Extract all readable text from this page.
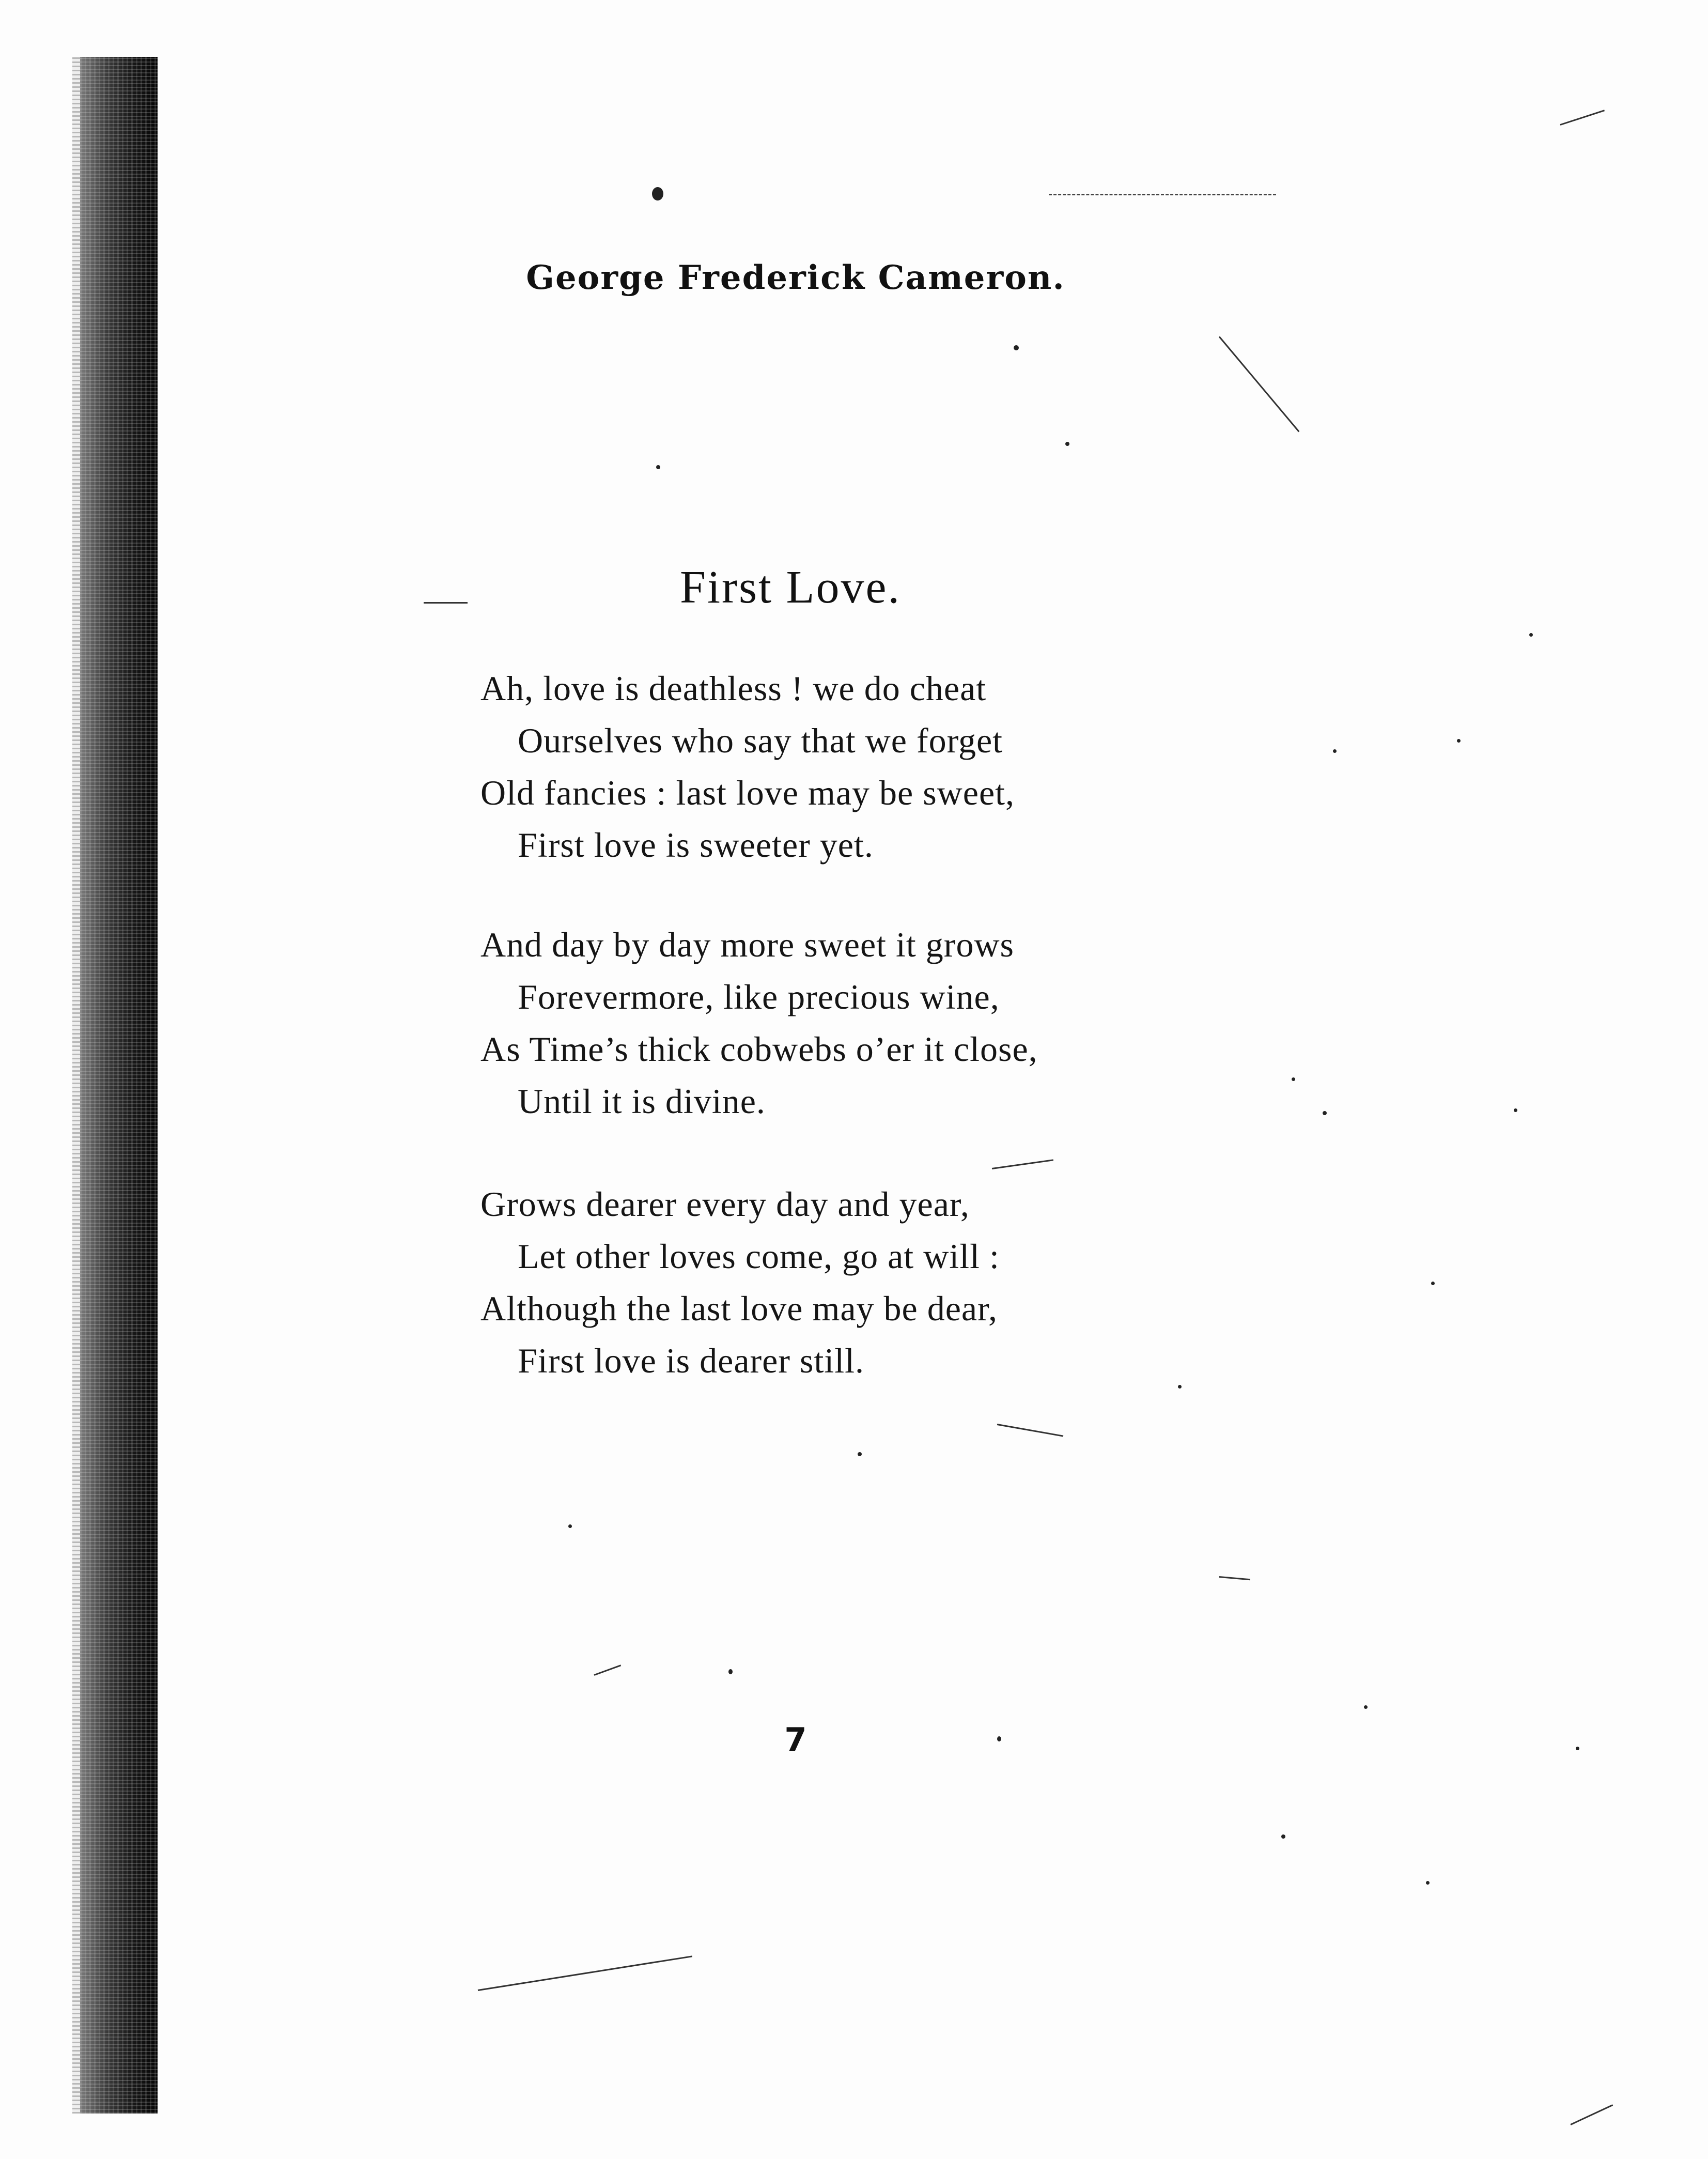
George Frederick Cameron.
First Love.
Ah, love is deathless ! we do cheat
Ourselves who say that we forget
Old fancies : last love may be sweet,
First love is sweeter yet.
And day by day more sweet it grows
Forevermore, like precious wine,
As Time’s thick cobwebs o’er it close,
Until it is divine.
Grows dearer every day and year,
Let other loves come, go at will :
Although the last love may be dear,
First love is dearer still.
7
